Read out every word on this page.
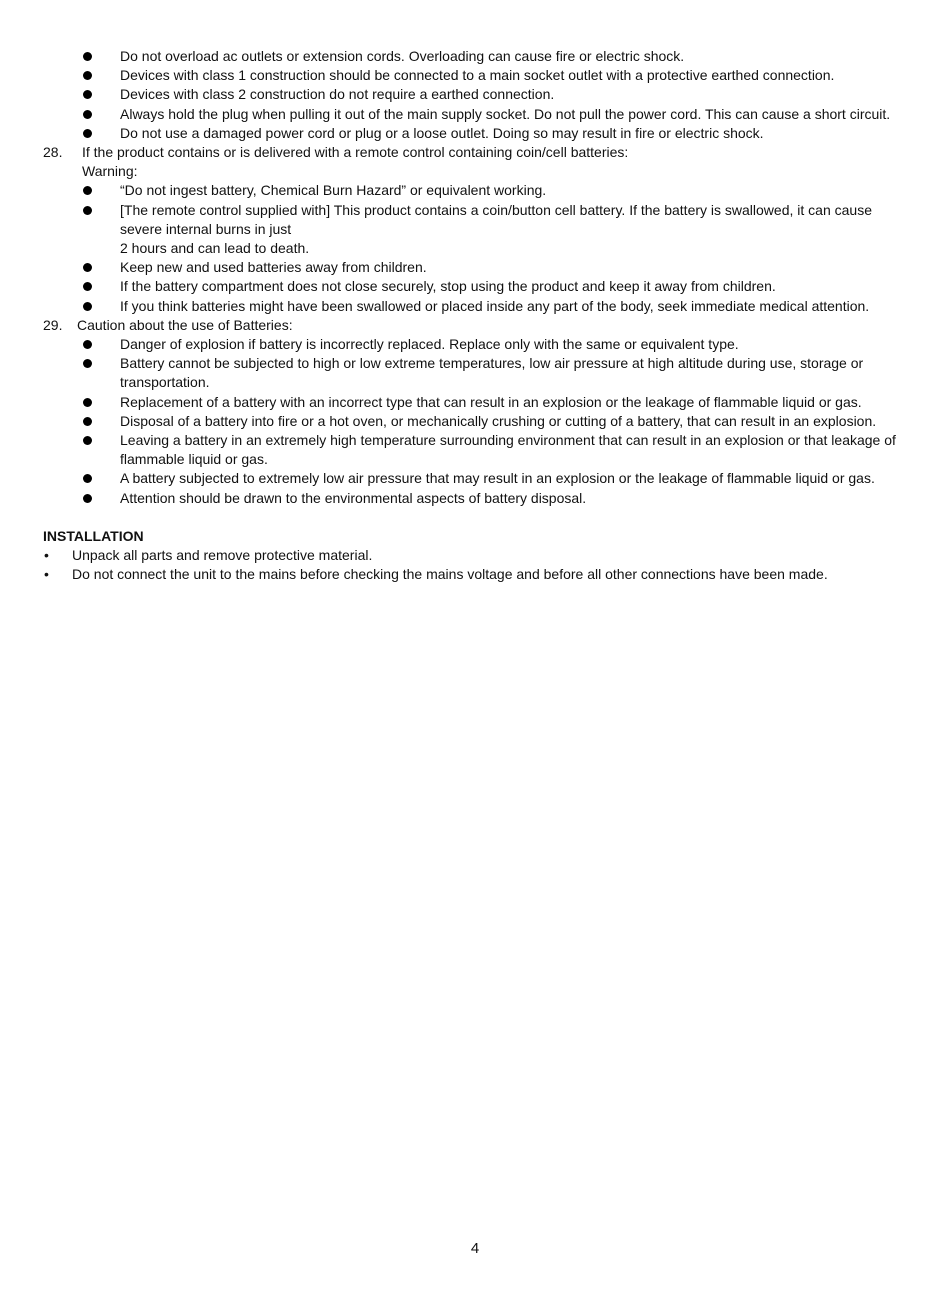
Do not overload ac outlets or extension cords. Overloading can cause fire or electric shock.
Devices with class 1 construction should be connected to a main socket outlet with a protective earthed connection.
Devices with class 2 construction do not require a earthed connection.
Always hold the plug when pulling it out of the main supply socket. Do not pull the power cord. This can cause a short circuit.
Do not use a damaged power cord or plug or a loose outlet. Doing so may result in fire or electric shock.
28. If the product contains or is delivered with a remote control containing coin/cell batteries:
Warning:
“Do not ingest battery, Chemical Burn Hazard” or equivalent working.
[The remote control supplied with] This product contains a coin/button cell battery. If the battery is swallowed, it can cause severe internal burns in just
2 hours and can lead to death.
Keep new and used batteries away from children.
If the battery compartment does not close securely, stop using the product and keep it away from children.
If you think batteries might have been swallowed or placed inside any part of the body, seek immediate medical attention.
29. Caution about the use of Batteries:
Danger of explosion if battery is incorrectly replaced. Replace only with the same or equivalent type.
Battery cannot be subjected to high or low extreme temperatures, low air pressure at high altitude during use, storage or transportation.
Replacement of a battery with an incorrect type that can result in an explosion or the leakage of flammable liquid or gas.
Disposal of a battery into fire or a hot oven, or mechanically crushing or cutting of a battery, that can result in an explosion.
Leaving a battery in an extremely high temperature surrounding environment that can result in an explosion or that leakage of flammable liquid or gas.
A battery subjected to extremely low air pressure that may result in an explosion or the leakage of flammable liquid or gas.
Attention should be drawn to the environmental aspects of battery disposal.
INSTALLATION
• Unpack all parts and remove protective material.
• Do not connect the unit to the mains before checking the mains voltage and before all other connections have been made.
4
